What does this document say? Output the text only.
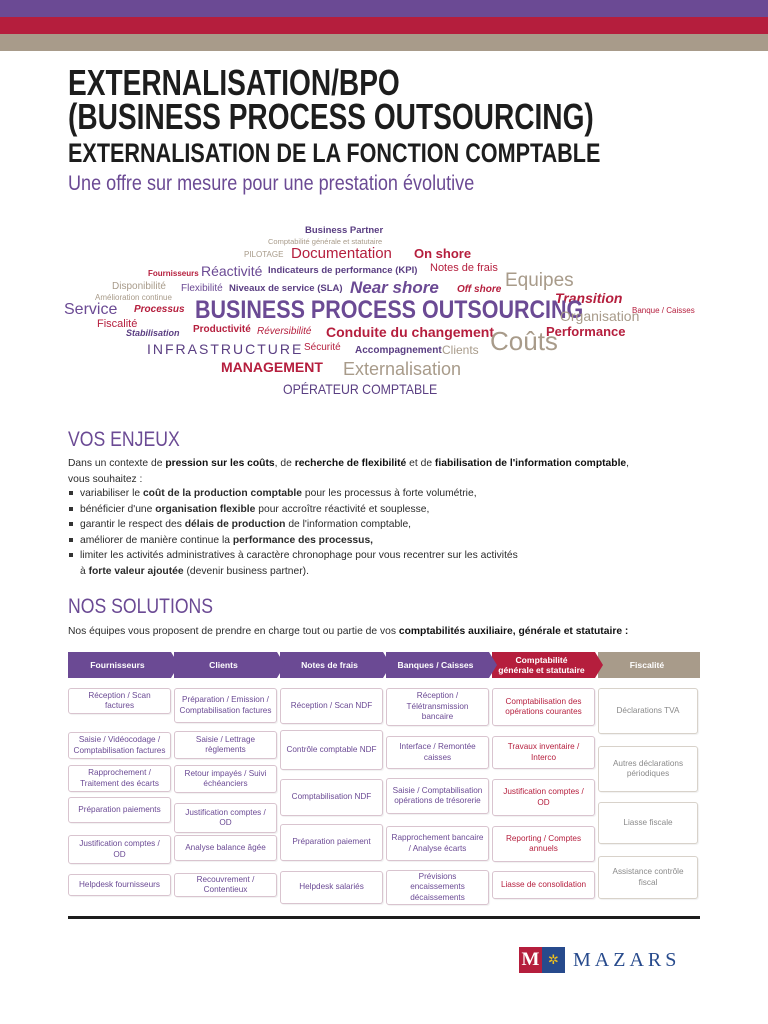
EXTERNALISATION/BPO
(BUSINESS PROCESS OUTSOURCING)
EXTERNALISATION DE LA FONCTION COMPTABLE
Une offre sur mesure pour une prestation évolutive
Business Partner
Comptabilité générale et statutaire
PILOTAGE Documentation On shore
Fournisseurs Réactivité Indicateurs de performance (KPI) Notes de frais
Equipes
Disponibilité Flexibilité Niveaux de service (SLA) Near shore Off shore
Transition
Amélioration continue
Service Processus BUSINESS PROCESS OUTSOURCING
Organisation
Banque / Caisses
Fiscalité	Productivité Réversibilité Conduite du changement
Coûts
Performance
Stabilisation
INFRASTRUCTURE Sécurité Accompagnement Clients
MANAGEMENT Externalisation
OPÉRATEUR COMPTABLE
VOS ENJEUX
Dans un contexte de pression sur les coûts, de recherche de flexibilité et de fiabilisation de l'information comptable,
vous souhaitez :
variabiliser le coût de la production comptable pour les processus à forte volumétrie,
bénéficier d'une organisation flexible pour accroître réactivité et souplesse,
garantir le respect des délais de production de l'information comptable,
améliorer de manière continue la performance des processus,
limiter les activités administratives à caractère chronophage pour vous recentrer sur les activités
à forte valeur ajoutée (devenir business partner).
NOS SOLUTIONS
Nos équipes vous proposent de prendre en charge tout ou partie de vos comptabilités auxiliaire, générale et statutaire :
Fournisseurs
Réception / Scan factures
Saisie / Vidéocodage / Comptabilisation factures
Rapprochement / Traitement des écarts
Préparation paiements
Justification comptes / OD
Helpdesk fournisseurs
Clients
Préparation / Emission / Comptabilisation factures
Saisie / Lettrage règlements
Retour impayés / Suivi échéanciers
Justification comptes / OD
Analyse balance âgée
Recouvrement / Contentieux
Notes de frais
Réception / Scan NDF
Contrôle comptable NDF
Comptabilisation NDF
Préparation paiement
Helpdesk salariés
Banques / Caisses
Réception / Télétransmission bancaire
Interface / Remontée caisses
Saisie / Comptabilisation opérations de trésorerie
Rapprochement bancaire / Analyse écarts
Prévisions encaissements décaissements
Comptabilité générale et statutaire
Comptabilisation des opérations courantes
Travaux inventaire / Interco
Justification comptes / OD
Reporting / Comptes annuels
Liasse de consolidation
Fiscalité
Déclarations TVA
Autres déclarations périodiques
Liasse fiscale
Assistance contrôle fiscal
M ✲ MAZARS
